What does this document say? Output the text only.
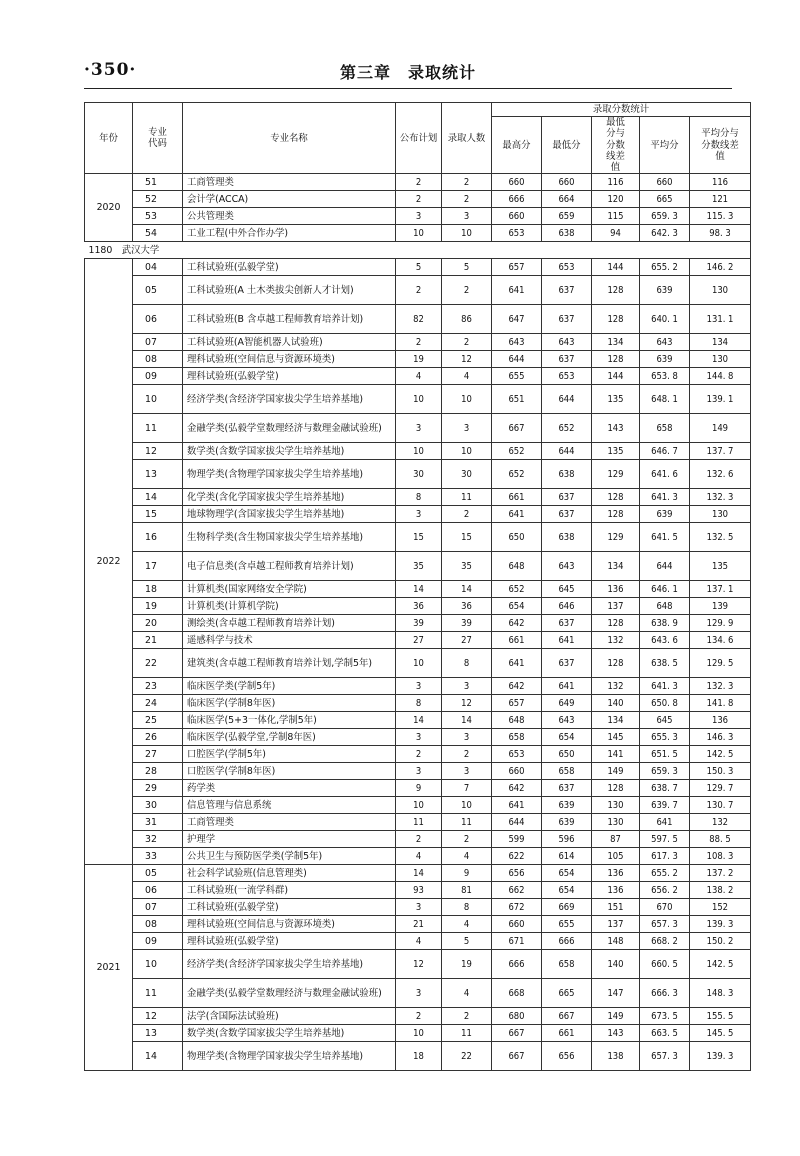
·350·	第三章　录取统计
年份	专业
代码	专业名称	公布计划	录取人数	录取分数统计				
					最高分	最低分	最低分与分数线差值	平均分	平均分与分数线差值
2020	51	工商管理类	2	2	660	660	116	660	116
	52	会计学(ACCA)	2	2	666	664	120	665	121
	53	公共管理类	3	3	660	659	115	659. 3	115. 3
	54	工业工程(中外合作办学)	10	10	653	638	94	642. 3	98. 3
1180　武汉大学									
2022	04	工科试验班(弘毅学堂)	5	5	657	653	144	655. 2	146. 2
	05	工科试验班(A 土木类拔尖创新人才计划)	2	2	641	637	128	639	130
	06	工科试验班(B 含卓越工程师教育培养计划)	82	86	647	637	128	640. 1	131. 1
	07	工科试验班(A智能机器人试验班)	2	2	643	643	134	643	134
	08	理科试验班(空间信息与资源环境类)	19	12	644	637	128	639	130
	09	理科试验班(弘毅学堂)	4	4	655	653	144	653. 8	144. 8
	10	经济学类(含经济学国家拔尖学生培养基地)	10	10	651	644	135	648. 1	139. 1
	11	金融学类(弘毅学堂数理经济与数理金融试验班)	3	3	667	652	143	658	149
	12	数学类(含数学国家拔尖学生培养基地)	10	10	652	644	135	646. 7	137. 7
	13	物理学类(含物理学国家拔尖学生培养基地)	30	30	652	638	129	641. 6	132. 6
	14	化学类(含化学国家拔尖学生培养基地)	8	11	661	637	128	641. 3	132. 3
	15	地球物理学(含国家拔尖学生培养基地)	3	2	641	637	128	639	130
	16	生物科学类(含生物国家拔尖学生培养基地)	15	15	650	638	129	641. 5	132. 5
	17	电子信息类(含卓越工程师教育培养计划)	35	35	648	643	134	644	135
	18	计算机类(国家网络安全学院)	14	14	652	645	136	646. 1	137. 1
	19	计算机类(计算机学院)	36	36	654	646	137	648	139
	20	测绘类(含卓越工程师教育培养计划)	39	39	642	637	128	638. 9	129. 9
	21	遥感科学与技术	27	27	661	641	132	643. 6	134. 6
	22	建筑类(含卓越工程师教育培养计划,学制5年)	10	8	641	637	128	638. 5	129. 5
	23	临床医学类(学制5年)	3	3	642	641	132	641. 3	132. 3
	24	临床医学(学制8年医)	8	12	657	649	140	650. 8	141. 8
	25	临床医学(5+3一体化,学制5年)	14	14	648	643	134	645	136
	26	临床医学(弘毅学堂,学制8年医)	3	3	658	654	145	655. 3	146. 3
	27	口腔医学(学制5年)	2	2	653	650	141	651. 5	142. 5
	28	口腔医学(学制8年医)	3	3	660	658	149	659. 3	150. 3
	29	药学类	9	7	642	637	128	638. 7	129. 7
	30	信息管理与信息系统	10	10	641	639	130	639. 7	130. 7
	31	工商管理类	11	11	644	639	130	641	132
	32	护理学	2	2	599	596	87	597. 5	88. 5
	33	公共卫生与预防医学类(学制5年)	4	4	622	614	105	617. 3	108. 3
2021	05	社会科学试验班(信息管理类)	14	9	656	654	136	655. 2	137. 2
	06	工科试验班(一流学科群)	93	81	662	654	136	656. 2	138. 2
	07	工科试验班(弘毅学堂)	3	8	672	669	151	670	152
	08	理科试验班(空间信息与资源环境类)	21	4	660	655	137	657. 3	139. 3
	09	理科试验班(弘毅学堂)	4	5	671	666	148	668. 2	150. 2
	10	经济学类(含经济学国家拔尖学生培养基地)	12	19	666	658	140	660. 5	142. 5
	11	金融学类(弘毅学堂数理经济与数理金融试验班)	3	4	668	665	147	666. 3	148. 3
	12	法学(含国际法试验班)	2	2	680	667	149	673. 5	155. 5
	13	数学类(含数学国家拔尖学生培养基地)	10	11	667	661	143	663. 5	145. 5
	14	物理学类(含物理学国家拔尖学生培养基地)	18	22	667	656	138	657. 3	139. 3
